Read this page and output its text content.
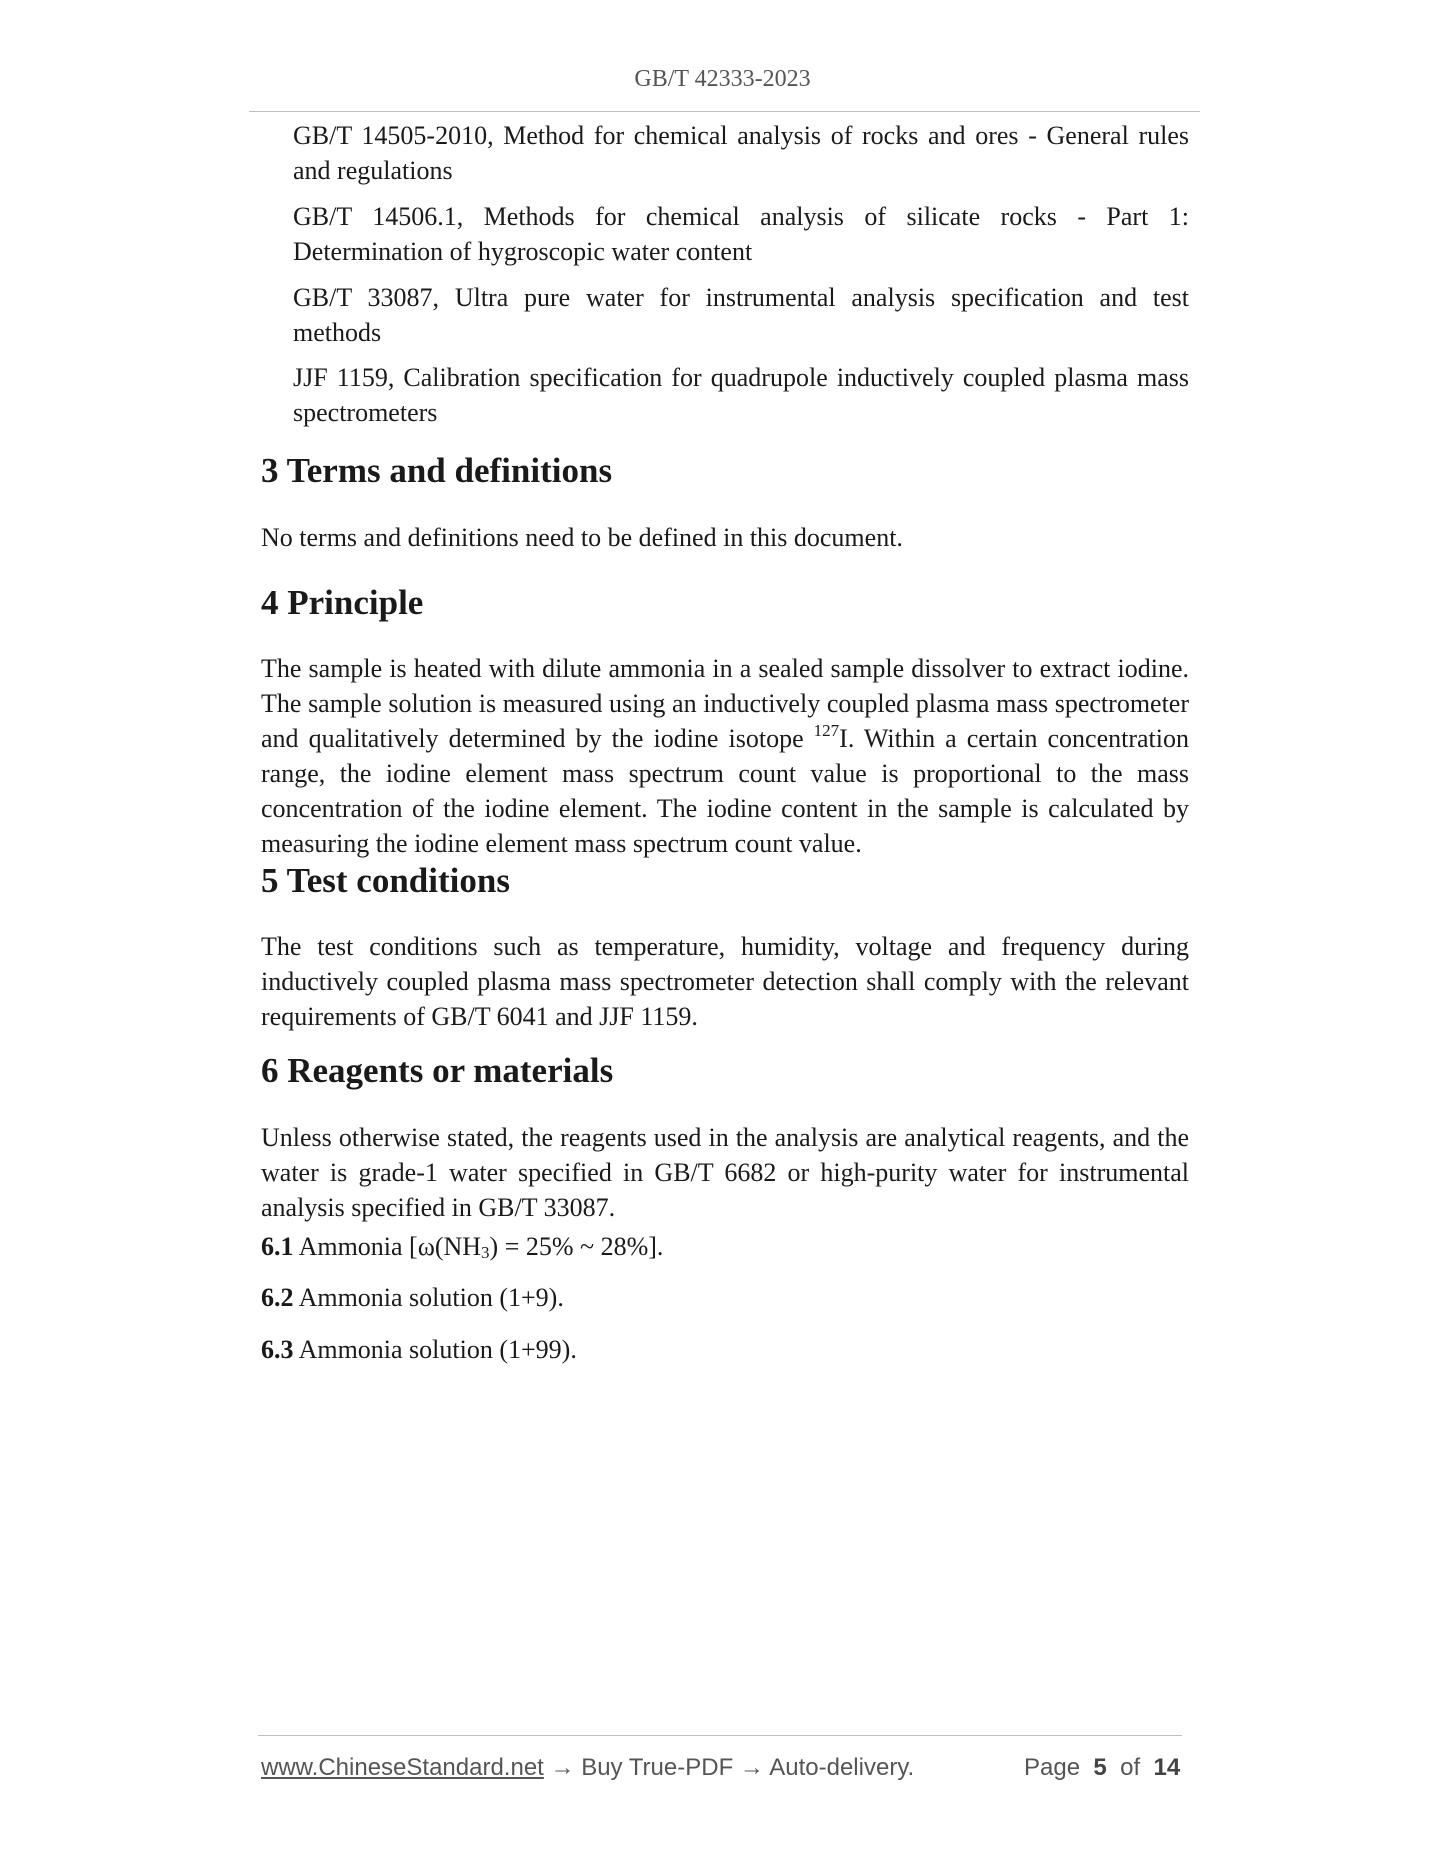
GB/T 42333-2023
GB/T 14505-2010, Method for chemical analysis of rocks and ores - General rules and regulations
GB/T 14506.1, Methods for chemical analysis of silicate rocks - Part 1: Determination of hygroscopic water content
GB/T 33087, Ultra pure water for instrumental analysis specification and test methods
JJF 1159, Calibration specification for quadrupole inductively coupled plasma mass spectrometers
3 Terms and definitions

No terms and definitions need to be defined in this document.

4 Principle

The sample is heated with dilute ammonia in a sealed sample dissolver to extract iodine. The sample solution is measured using an inductively coupled plasma mass spectrometer and qualitatively determined by the iodine isotope $^{127}$I. Within a certain concentration range, the iodine element mass spectrum count value is proportional to the mass concentration of the iodine element. The iodine content in the sample is calculated by measuring the iodine element mass spectrum count value.

5 Test conditions

The test conditions such as temperature, humidity, voltage and frequency during inductively coupled plasma mass spectrometer detection shall comply with the relevant requirements of GB/T 6041 and JJF 1159.

6 Reagents or materials

Unless otherwise stated, the reagents used in the analysis are analytical reagents, and the water is grade-1 water specified in GB/T 6682 or high-purity water for instrumental analysis specified in GB/T 33087.

6.1 Ammonia [$\omega(NH_3) = 25\%$ ~ 28%].

6.2 Ammonia solution (1+9).

6.3 Ammonia solution (1+99).

www.ChineseStandard.net → Buy True-PDF → Auto-delivery.	Page 5 of 14
